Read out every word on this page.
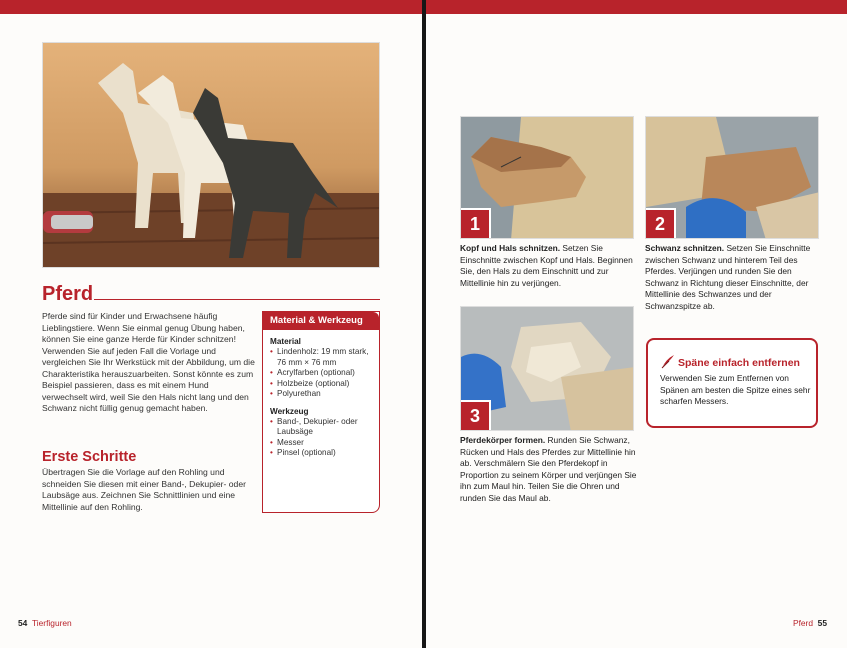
Pferd
Pferde sind für Kinder und Erwachsene häufig Lieblingstiere. Wenn Sie einmal genug Übung haben, können Sie eine ganze Herde für Kinder schnitzen! Verwenden Sie auf jeden Fall die Vorlage und vergleichen Sie Ihr Werkstück mit der Abbildung, um die Charakteristika herauszuarbeiten. Sonst könnte es zum Beispiel passieren, dass es mit einem Hund verwechselt wird, weil Sie den Hals nicht lang und den Schwanz nicht füllig genug gemacht haben.
Erste Schritte
Übertragen Sie die Vorlage auf den Rohling und schneiden Sie diesen mit einer Band-, Dekupier- oder Laubsäge aus. Zeichnen Sie Schnittlinien und eine Mittellinie auf den Rohling.
Material & Werkzeug
Material
• Lindenholz: 19 mm stark, 76 mm × 76 mm
• Acrylfarben (optional)
• Holzbeize (optional)
• Polyurethan
Werkzeug
• Band-, Dekupier- oder Laubsäge
• Messer
• Pinsel (optional)
54 Tierfiguren
1	2
3
Kopf und Hals schnitzen. Setzen Sie Einschnitte zwischen Kopf und Hals. Beginnen Sie, den Hals zu dem Einschnitt und zur Mittellinie hin zu verjüngen.
Schwanz schnitzen. Setzen Sie Einschnitte zwischen Schwanz und hinterem Teil des Pferdes. Verjüngen und runden Sie den Schwanz in Richtung dieser Einschnitte, der Mittellinie des Schwanzes und der Schwanzspitze ab.
Pferdekörper formen. Runden Sie Schwanz, Rücken und Hals des Pferdes zur Mittellinie hin ab. Verschmälern Sie den Pferdekopf in Proportion zu seinem Körper und verjüngen Sie ihn zum Maul hin. Teilen Sie die Ohren und runden Sie das Maul ab.
Späne einfach entfernen
Verwenden Sie zum Entfernen von Spänen am besten die Spitze eines sehr scharfen Messers.
Pferd 55
